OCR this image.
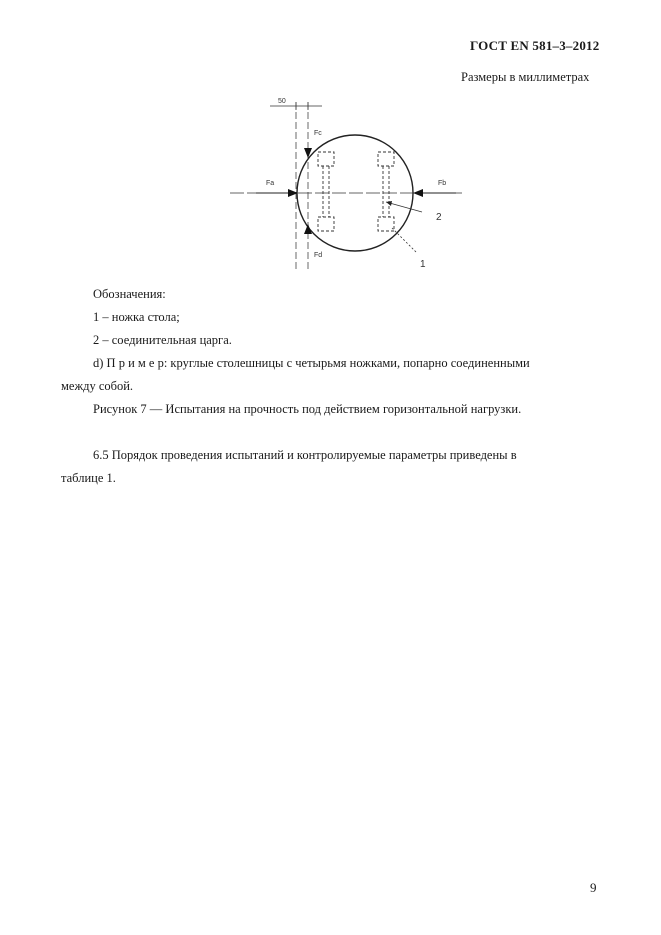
ГОСТ EN 581–3–2012
Размеры в миллиметрах
50
Fa	Fb
Fc
Fd
2
1
Обозначения:
1 – ножка стола;
2 – соединительная царга.
d) П р и м е р: круглые столешницы с четырьмя ножками, попарно соединенными
между собой.
Рисунок 7 — Испытания на прочность под действием горизонтальной нагрузки.
6.5 Порядок проведения испытаний и контролируемые параметры приведены в
таблице 1.
9
